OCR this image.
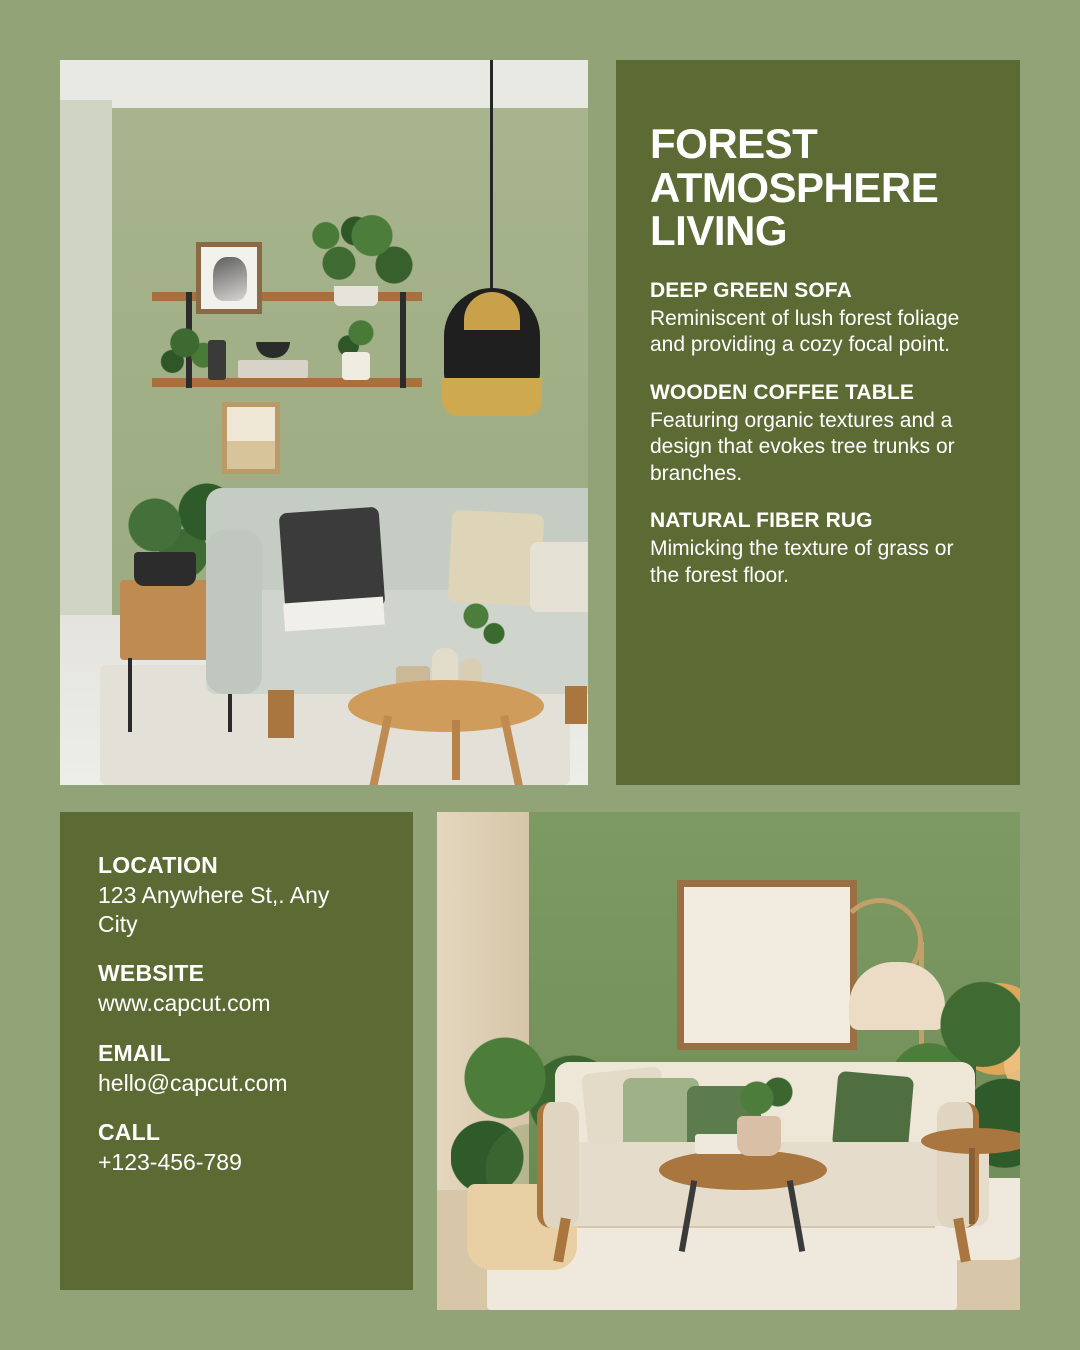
FOREST ATMOSPHERE LIVING
DEEP GREEN SOFA
Reminiscent of lush forest foliage and providing a cozy focal point.
WOODEN COFFEE TABLE
Featuring organic textures and a design that evokes tree trunks or branches.
NATURAL FIBER RUG
Mimicking the texture of grass or the forest floor.
LOCATION
123 Anywhere St,. Any City
WEBSITE
www.capcut.com
EMAIL
hello@capcut.com
CALL
+123-456-789
